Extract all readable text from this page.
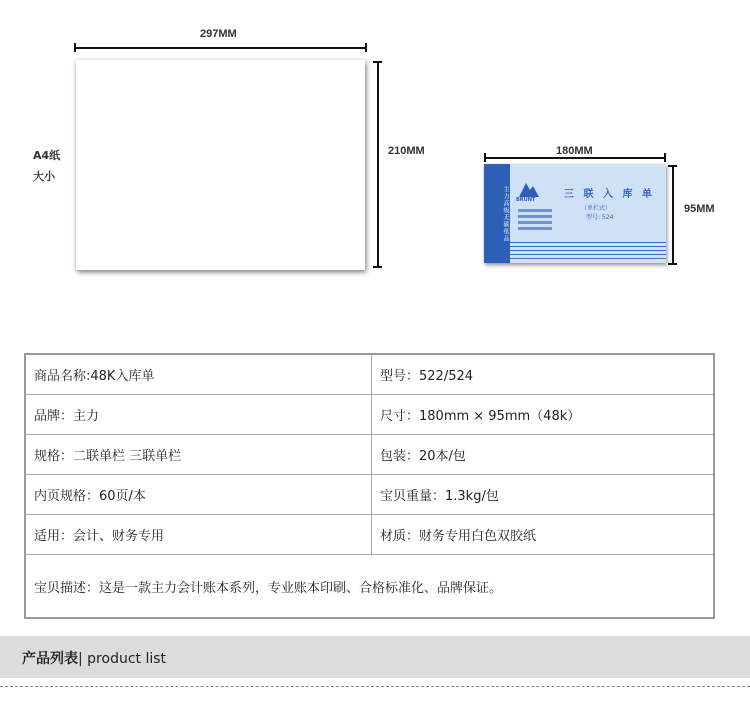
297MM
210MM
A4纸
大小
180MM
95MM
主力高级无碳纸品 BRUNT	三 联 入 库 单
（单栏式）
型号: 524
商品名称:48K入库单	型号：522/524
品牌：主力	尺寸：180mm × 95mm（48k）
规格：二联单栏 三联单栏	包装：20本/包
内页规格：60页/本	宝贝重量：1.3kg/包
适用：会计、财务专用	材质：财务专用白色双胶纸
宝贝描述：这是一款主力会计账本系列，专业账本印刷、合格标准化、品牌保证。	
产品列表| product list
